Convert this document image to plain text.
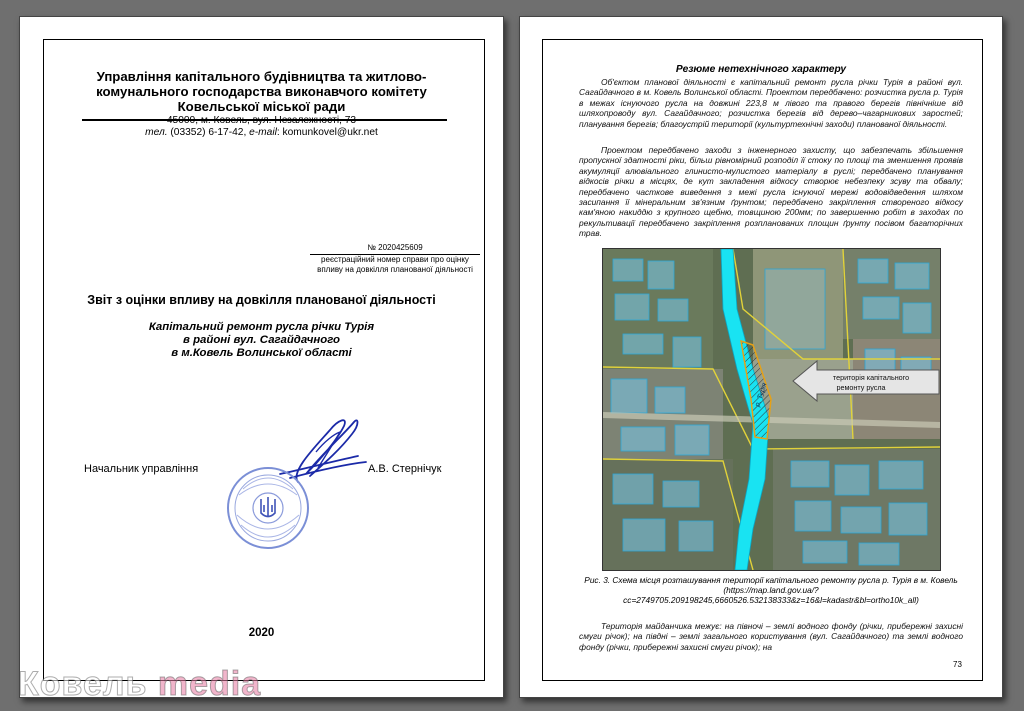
Управління капітального будівництва та житлово-комунального господарства виконавчого комітету Ковельської міської ради
45000, м. Ковель, вул. Незалежності, 73
тел. (03352) 6-17-42, e-mail: komunkovel@ukr.net
№ 2020425609
реєстраційний номер справи про оцінку впливу на довкілля планованої діяльності
Звіт з оцінки впливу на довкілля планованої діяльності
Капітальний ремонт русла річки Турія
в районі вул. Сагайдачного
в м.Ковель Волинської області
Начальник управління	А.В. Стернічук
2020
Резюме нетехнічного характеру

Об'єктом планової діяльності є капітальний ремонт русла річки Турія в районі вул. Сагайдачного в м. Ковель Волинської області. Проектом передбачено: розчистка русла р. Турія в межах існуючого русла на довжині 223,8 м лівого та правого берегів північніше від шляхопроводу вул. Сагайдачного; розчистка берегів від дерево–чагарникових заростей; планування берегів; благоустрій території (культуртехнічні заходи) планованої діяльності.

Проектом передбачено заходи з інженерного захисту, що забезпечать збільшення пропускної здатності ріки, більш рівномірний розподіл її стоку по площі та зменшення проявів акумуляції алювіального глинисто-мулистого матеріалу в руслі; передбачено планування відкосів річки в місцях, де кут закладення відкосу створює небезпеку зсуву та обвалу; передбачено часткове виведення з межі русла існуючої мережі водовідведення шляхом засипання її мінеральним зв'язним ґрунтом; передбачено закріплення створеного відкосу кам'яною накиддю з крупного щебню, товщиною 200мм; по завершенню робіт в заходах по рекультивації передбачено закріплення розпланованих площин ґрунту посівом багаторічних трав.

р. Турія
територія капітального
ремонту русла
Рис. 3. Схема місця розташування території капітального ремонту русла р. Турія в м. Ковель (https://map.land.gov.ua/?cc=2749705.209198245,6660526.532138333&z=16&l=kadastr&bl=ortho10k_all)

Територія майданчика межує: на півночі – землі водного фонду (річки, прибережні захисні смуги річок); на півдні – землі загального користування (вул. Сагайдачного) та землі водного фонду (річки, прибережні захисні смуги річок); на

73
Ковель media
